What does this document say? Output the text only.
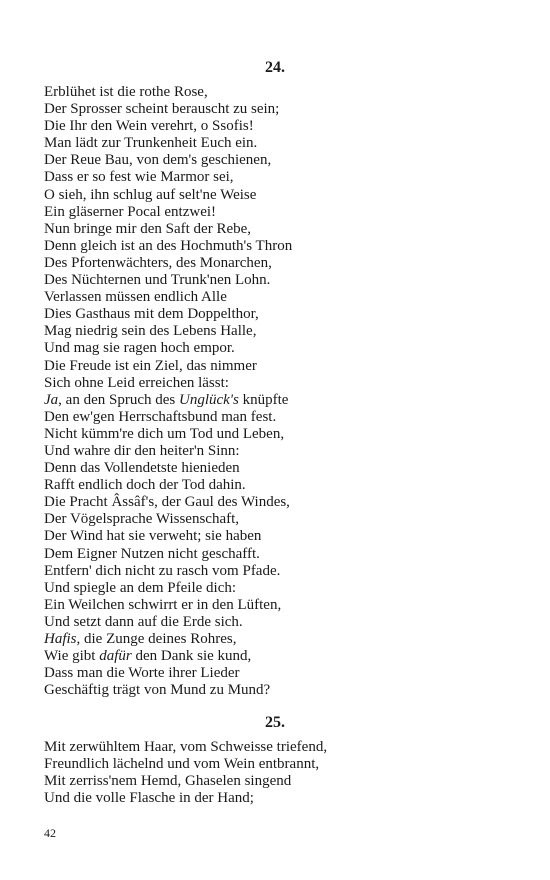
24.
Erblühet ist die rothe Rose,
Der Sprosser scheint berauscht zu sein;
Die Ihr den Wein verehrt, o Ssofis!
Man lädt zur Trunkenheit Euch ein.
Der Reue Bau, von dem's geschienen,
Dass er so fest wie Marmor sei,
O sieh, ihn schlug auf selt'ne Weise
Ein gläserner Pocal entzwei!
Nun bringe mir den Saft der Rebe,
Denn gleich ist an des Hochmuth's Thron
Des Pfortenwächters, des Monarchen,
Des Nüchternen und Trunk'nen Lohn.
Verlassen müssen endlich Alle
Dies Gasthaus mit dem Doppelthor,
Mag niedrig sein des Lebens Halle,
Und mag sie ragen hoch empor.
Die Freude ist ein Ziel, das nimmer
Sich ohne Leid erreichen lässt:
Ja, an den Spruch des Unglück's knüpfte
Den ew'gen Herrschaftsbund man fest.
Nicht kümm're dich um Tod und Leben,
Und wahre dir den heiter'n Sinn:
Denn das Vollendetste hienieden
Rafft endlich doch der Tod dahin.
Die Pracht Âssâf's, der Gaul des Windes,
Der Vögelsprache Wissenschaft,
Der Wind hat sie verweht; sie haben
Dem Eigner Nutzen nicht geschafft.
Entfern' dich nicht zu rasch vom Pfade.
Und spiegle an dem Pfeile dich:
Ein Weilchen schwirrt er in den Lüften,
Und setzt dann auf die Erde sich.
Hafis, die Zunge deines Rohres,
Wie gibt dafür den Dank sie kund,
Dass man die Worte ihrer Lieder
Geschäftig trägt von Mund zu Mund?
25.
Mit zerwühltem Haar, vom Schweisse triefend,
Freundlich lächelnd und vom Wein entbrannt,
Mit zerriss'nem Hemd, Ghaselen singend
Und die volle Flasche in der Hand;
42
